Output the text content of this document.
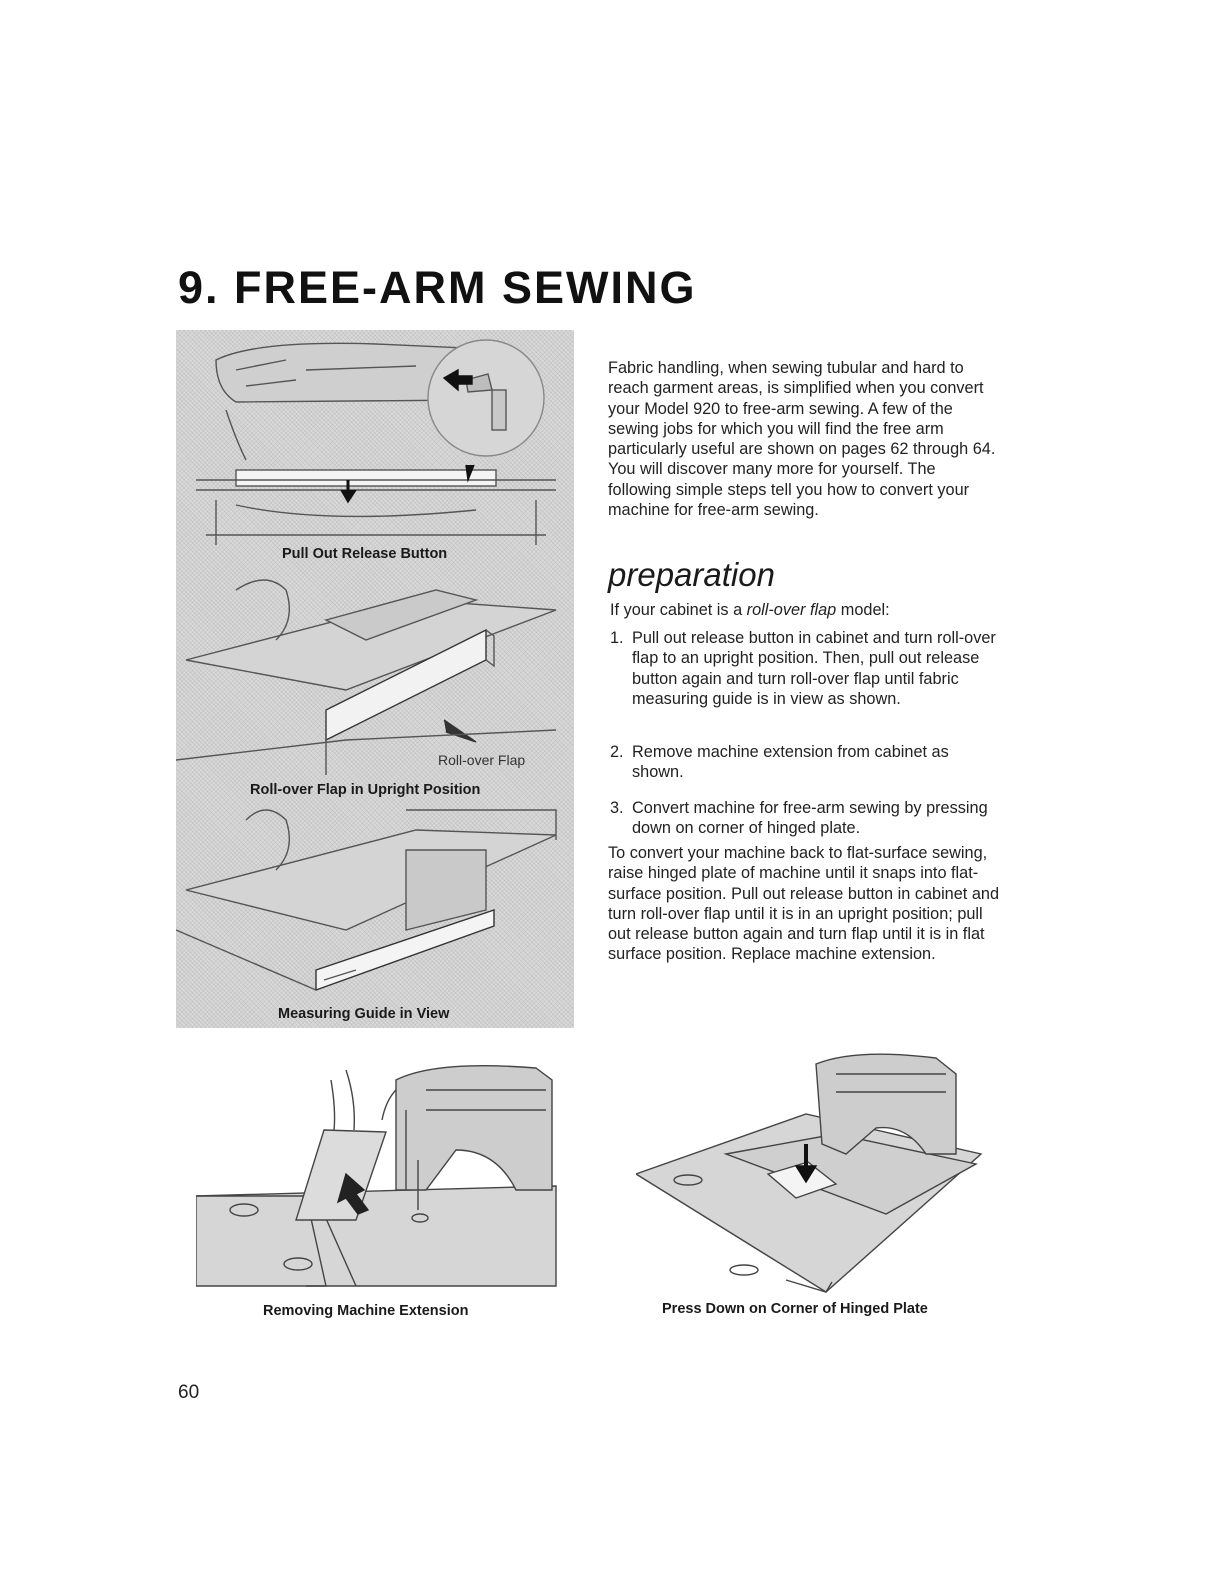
9. FREE-ARM SEWING
Pull Out Release Button
Roll-over Flap
Roll-over Flap in Upright Position
Measuring Guide in View

Fabric handling, when sewing tubular and hard to reach garment areas, is simplified when you convert your Model 920 to free-arm sewing. A few of the sewing jobs for which you will find the free arm particularly useful are shown on pages 62 through 64. You will discover many more for yourself. The following simple steps tell you how to convert your machine for free-arm sewing.

preparation

If your cabinet is a roll-over flap model:

1. Pull out release button in cabinet and turn roll-over flap to an upright position. Then, pull out release button again and turn roll-over flap until fabric measuring guide is in view as shown.
2. Remove machine extension from cabinet as shown.
3. Convert machine for free-arm sewing by pressing down on corner of hinged plate.

To convert your machine back to flat-surface sewing, raise hinged plate of machine until it snaps into flat-surface position. Pull out release button in cabinet and turn roll-over flap until it is in an upright position; pull out release button again and turn flap until it is in flat surface position. Replace machine extension.

Removing Machine Extension	Press Down on Corner of Hinged Plate
60
